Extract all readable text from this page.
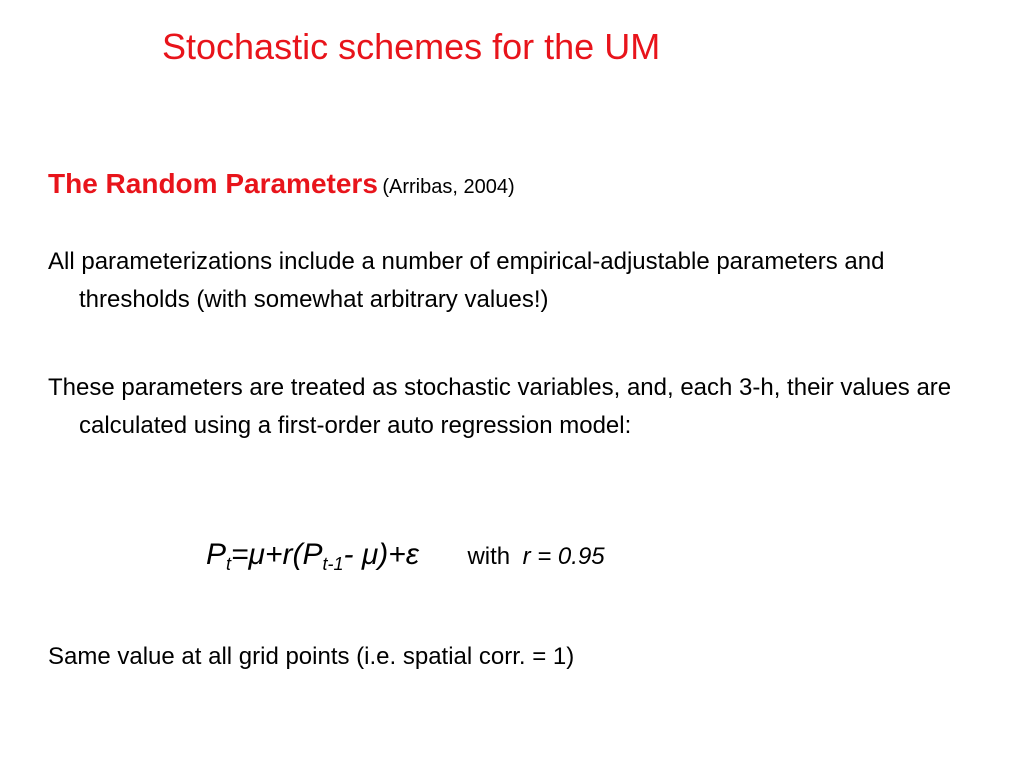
Stochastic schemes for the UM
The Random Parameters (Arribas, 2004)
All parameterizations include a number of empirical-adjustable parameters and thresholds (with somewhat arbitrary values!)
These parameters are treated as stochastic variables, and, each 3-h, their values are calculated using a first-order auto regression model:
$P_t=\mu+r(P_{t-1}-$ μ)+ε with r = 0.95
Same value at all grid points (i.e. spatial corr. = 1)
